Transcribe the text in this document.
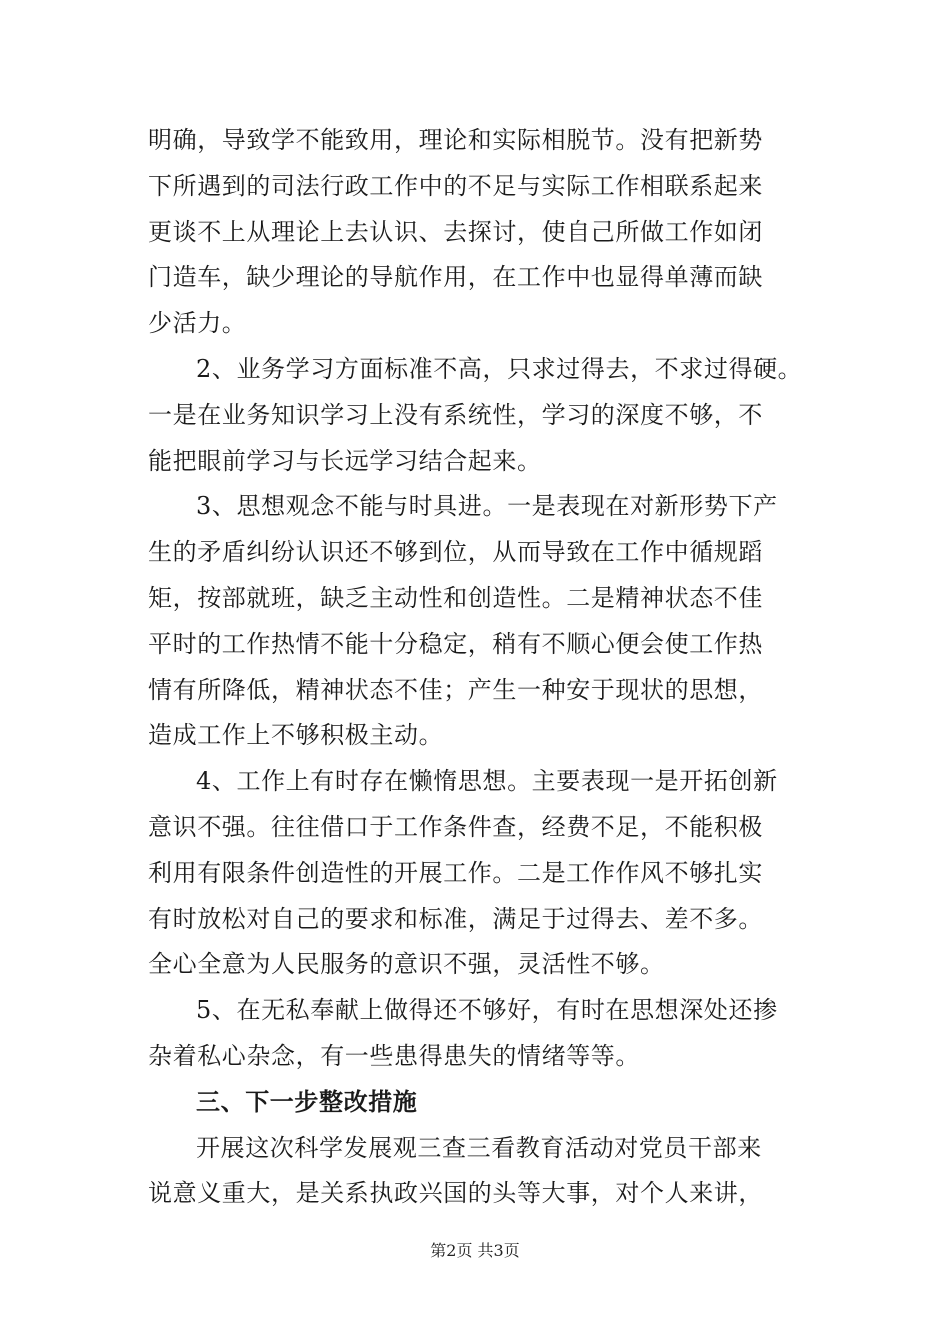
明确，导致学不能致用，理论和实际相脱节。没有把新势
下所遇到的司法行政工作中的不足与实际工作相联系起来
更谈不上从理论上去认识、去探讨，使自己所做工作如闭
门造车，缺少理论的导航作用，在工作中也显得单薄而缺
少活力。
2、业务学习方面标准不高，只求过得去，不求过得硬。
一是在业务知识学习上没有系统性，学习的深度不够，不
能把眼前学习与长远学习结合起来。
3、思想观念不能与时具进。一是表现在对新形势下产
生的矛盾纠纷认识还不够到位，从而导致在工作中循规蹈
矩，按部就班，缺乏主动性和创造性。二是精神状态不佳
平时的工作热情不能十分稳定，稍有不顺心便会使工作热
情有所降低，精神状态不佳；产生一种安于现状的思想，
造成工作上不够积极主动。
4、工作上有时存在懒惰思想。主要表现一是开拓创新
意识不强。往往借口于工作条件查，经费不足，不能积极
利用有限条件创造性的开展工作。二是工作作风不够扎实
有时放松对自己的要求和标准，满足于过得去、差不多。
全心全意为人民服务的意识不强，灵活性不够。
5、在无私奉献上做得还不够好，有时在思想深处还掺
杂着私心杂念，有一些患得患失的情绪等等。
三、下一步整改措施
开展这次科学发展观三查三看教育活动对党员干部来
说意义重大，是关系执政兴国的头等大事，对个人来讲，
第2页 共3页
